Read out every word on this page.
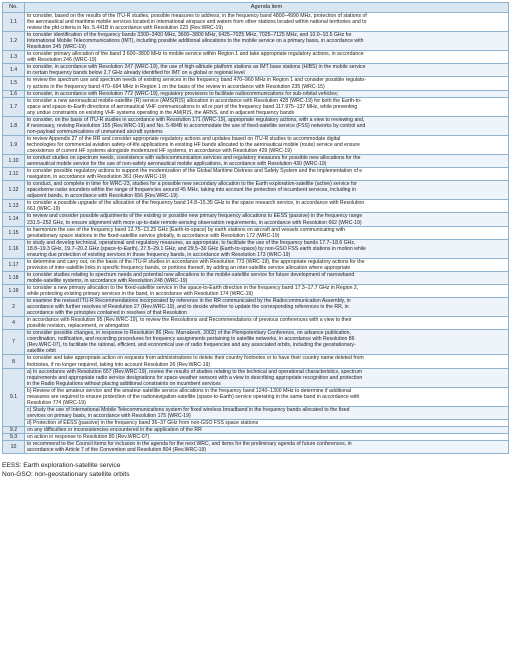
No.	Agenda item
1.1	to consider, based on the results of the ITU-R studies, possible measures to address, in the frequency band 4800–4990 MHz, protection of stations of
the aeronautical and maritime mobile services located in international airspace and waters from other stations located within national territories and to
review the pfd criteria in No. 5.441B in accordance with Resolution 223 (Rev.WRC-19)

1.2	to consider identification of the frequency bands 3300–3400 MHz, 3600–3800 MHz, 6425–7025 MHz, 7025–7125 MHz, and 10.0–10.5 GHz for
International Mobile Telecommunications (IMT), including possible additional allocations to the mobile service on a primary basis, in accordance with
Resolution 245 (WRC-19)

1.3	to consider primary allocation of the band 3 600–3800 MHz to mobile service within Region 1 and take appropriate regulatory actions, in accordance
with Resolution 246 (WRC-19)

1.4	to consider, in accordance with Resolution 247 (WRC-19), the use of high-altitude platform stations as IMT base stations (HIBS) in the mobile service
in certain frequency bands below 2.7 GHz already identified for IMT on a global or regional level

1.5	to review the spectrum use and spectrum needs of existing services in the frequency band 470–960 MHz in Region 1 and consider possible regulato-
ry actions in the frequency band 470–694 MHz in Region 1 on the basis of the review in accordance with Resolution 235 (WRC-15)

1.6	to consider, in accordance with Resolution 772 (WRC-19), regulatory provisions to facilitate radiocommunications for sub-orbital vehicles;

1.7	to consider a new aeronautical mobile-satellite (R) service (AMS(R)S) allocation in accordance with Resolution 428 (WRC-19) for both the Earth-to-
space and space-to-Earth directions of aeronautical VHF communications in all or part of the frequency band 117.975–137 MHz, while preventing
any undue constraints on existing VHF systems operating in the AM(R)S, the ARNS, and in adjacent frequency bands

1.8	to consider, on the basis of ITU-R studies in accordance with Resolution 171 (WRC-19), appropriate regulatory actions, with a view to reviewing and,
if necessary, revising Resolution 155 (Rev.WRC-19) and No. 5.484B to accommodate the use of fixed-satellite service (FSS) networks by control and
non-payload communications of unmanned aircraft systems

1.9	to review Appendix 27 of the RR and consider appropriate regulatory actions and updates based on ITU-R studies to accommodate digital
technologies for commercial aviation safety-of-life applications in existing HF bands allocated to the aeronautical mobile (route) service and ensure
coexistence of current HF systems alongside modernized HF systems, in accordance with Resolution 429 (WRC-19)

1.10	to conduct studies on spectrum needs, coexistence with radiocommunication services and regulatory measures for possible new allocations for the
aeronautical mobile service for the use of non-safety aeronautical mobile applications, in accordance with Resolution 430 (WRC-19)

1.11	to consider possible regulatory actions to support the modernization of the Global Maritime Distress and Safety System and the implementation of e
navigation, in accordance with Resolution 361 (Rev.WRC-19)

1.12	to conduct, and complete in time for WRC-23, studies for a possible new secondary allocation to the Earth exploration-satellite (active) service for
spaceborne radar sounders within the range of frequencies around 45 MHz, taking into account the protection of incumbent services, including in
adjacent bands, in accordance with Resolution 656 (Rev.WRC-19)

1.13	to consider a possible upgrade of the allocation of the frequency band 14.8–15.35 GHz to the space research service, in accordance with Resolution
661 (WRC-19)

1.14	to review and consider possible adjustments of the existing or possible new primary frequency allocations to EESS (passive) in the frequency range
231.5–252 GHz, to ensure alignment with more up-to-date remote-sensing observation requirements, in accordance with Resolution 662 (WRC-19)

1.15	to harmonize the use of the frequency band 12.75–13.25 GHz (Earth-to-space) by earth stations on aircraft and vessels communicating with
geostationary space stations in the fixed-satellite service globally, in accordance with Resolution 172 (WRC-19)

1.16	to study and develop technical, operational and regulatory measures, as appropriate, to facilitate the use of the frequency bands 17.7–18.6 GHz,
18.8–19.3 GHz, 19.7–20.2 GHz (space-to-Earth), 27.5–29.1 GHz, and 29.5–30 GHz (Earth-to-space) by non-GSO FSS earth stations in motion while
ensuring due protection of existing services in those frequency bands, in accordance with Resolution 173 (WRC-19)

1.17	to determine and carry out, on the basis of the ITU-R studies in accordance with Resolution 773 (WRC-19), the appropriate regulatory actions for the
provision of inter-satellite links in specific frequency bands, or portions thereof, by adding an inter-satellite service allocation where appropriate

1.18	to consider studies relating to spectrum needs and potential new allocations to the mobile-satellite service for future development of narrowband
mobile-satellite systems, in accordance with Resolution 248 (WRC-19)

1.19	to consider a new primary allocation to the fixed-satellite service in the space-to-Earth direction in the frequency band 17.3–17.7 GHz in Region 2,
while protecting existing primary services in the band, in accordance with Resolution 174 (WRC-19)

2	to examine the revised ITU-R Recommendations incorporated by reference in the RR communicated by the Radiocommunication Assembly, in
accordance with further resolves of Resolution 27 (Rev.WRC-19), and to decide whether to update the corresponding references in the RR, in
accordance with the principles contained in resolves of that Resolution

4	in accordance with Resolution 95 (Rev.WRC-19), to review the Resolutions and Recommendations of previous conferences with a view to their
possible revision, replacement, or abrogation

7	to consider possible changes, in response to Resolution 86 (Rev. Marrakesh, 2002) of the Plenipotentiary Conference, on advance publication,
coordination, notification, and recording procedures for frequency assignments pertaining to satellite networks, in accordance with Resolution 86
(Rev.WRC-07), to facilitate the rational, efficient, and economical use of radio frequencies and any associated orbits, including the geostationary-
satellite orbit

8	to consider and take appropriate action on requests from administrations to delete their country footnotes or to have their country name deleted from
footnotes, if no longer required, taking into account Resolution 26 (Rev.WRC-19)

9.1	a) In accordance with Resolution 657 (Rev.WRC-19), review the results of studies relating to the technical and operational characteristics, spectrum
requirements and appropriate radio service designations for space weather sensors with a view to describing appropriate recognition and protection
in the Radio Regulations without placing additional constraints on incumbent services

	b) Review of the amateur service and the amateur-satellite service allocations in the frequency band 1240–1300 MHz to determine if additional
measures are required to ensure protection of the radionavigation-satellite (space-to-Earth) service operating in the same band in accordance with
Resolution 774 (WRC-19)

	c) Study the use of International Mobile Telecommunications system for fixed wireless broadband in the frequency bands allocated to the fixed
services on primary basis, in accordance with Resolution 175 (WRC-19)

	d) Protection of EESS (passive) in the frequency band 36–37 GHz from non-GSO FSS space stations

9.2	on any difficulties or inconsistencies encountered in the application of the RR

9.3	on action in response to Resolution 80 (Rev.WRC-07)

10	to recommend to the Council items for inclusion in the agenda for the next WRC, and items for the preliminary agenda of future conferences, in
accordance with Article 7 of the Convention and Resolution 804 (Rev.WRC-19)
EESS: Earth exploration-satellite service
Non-GSO: non-geostationary satellite orbits
